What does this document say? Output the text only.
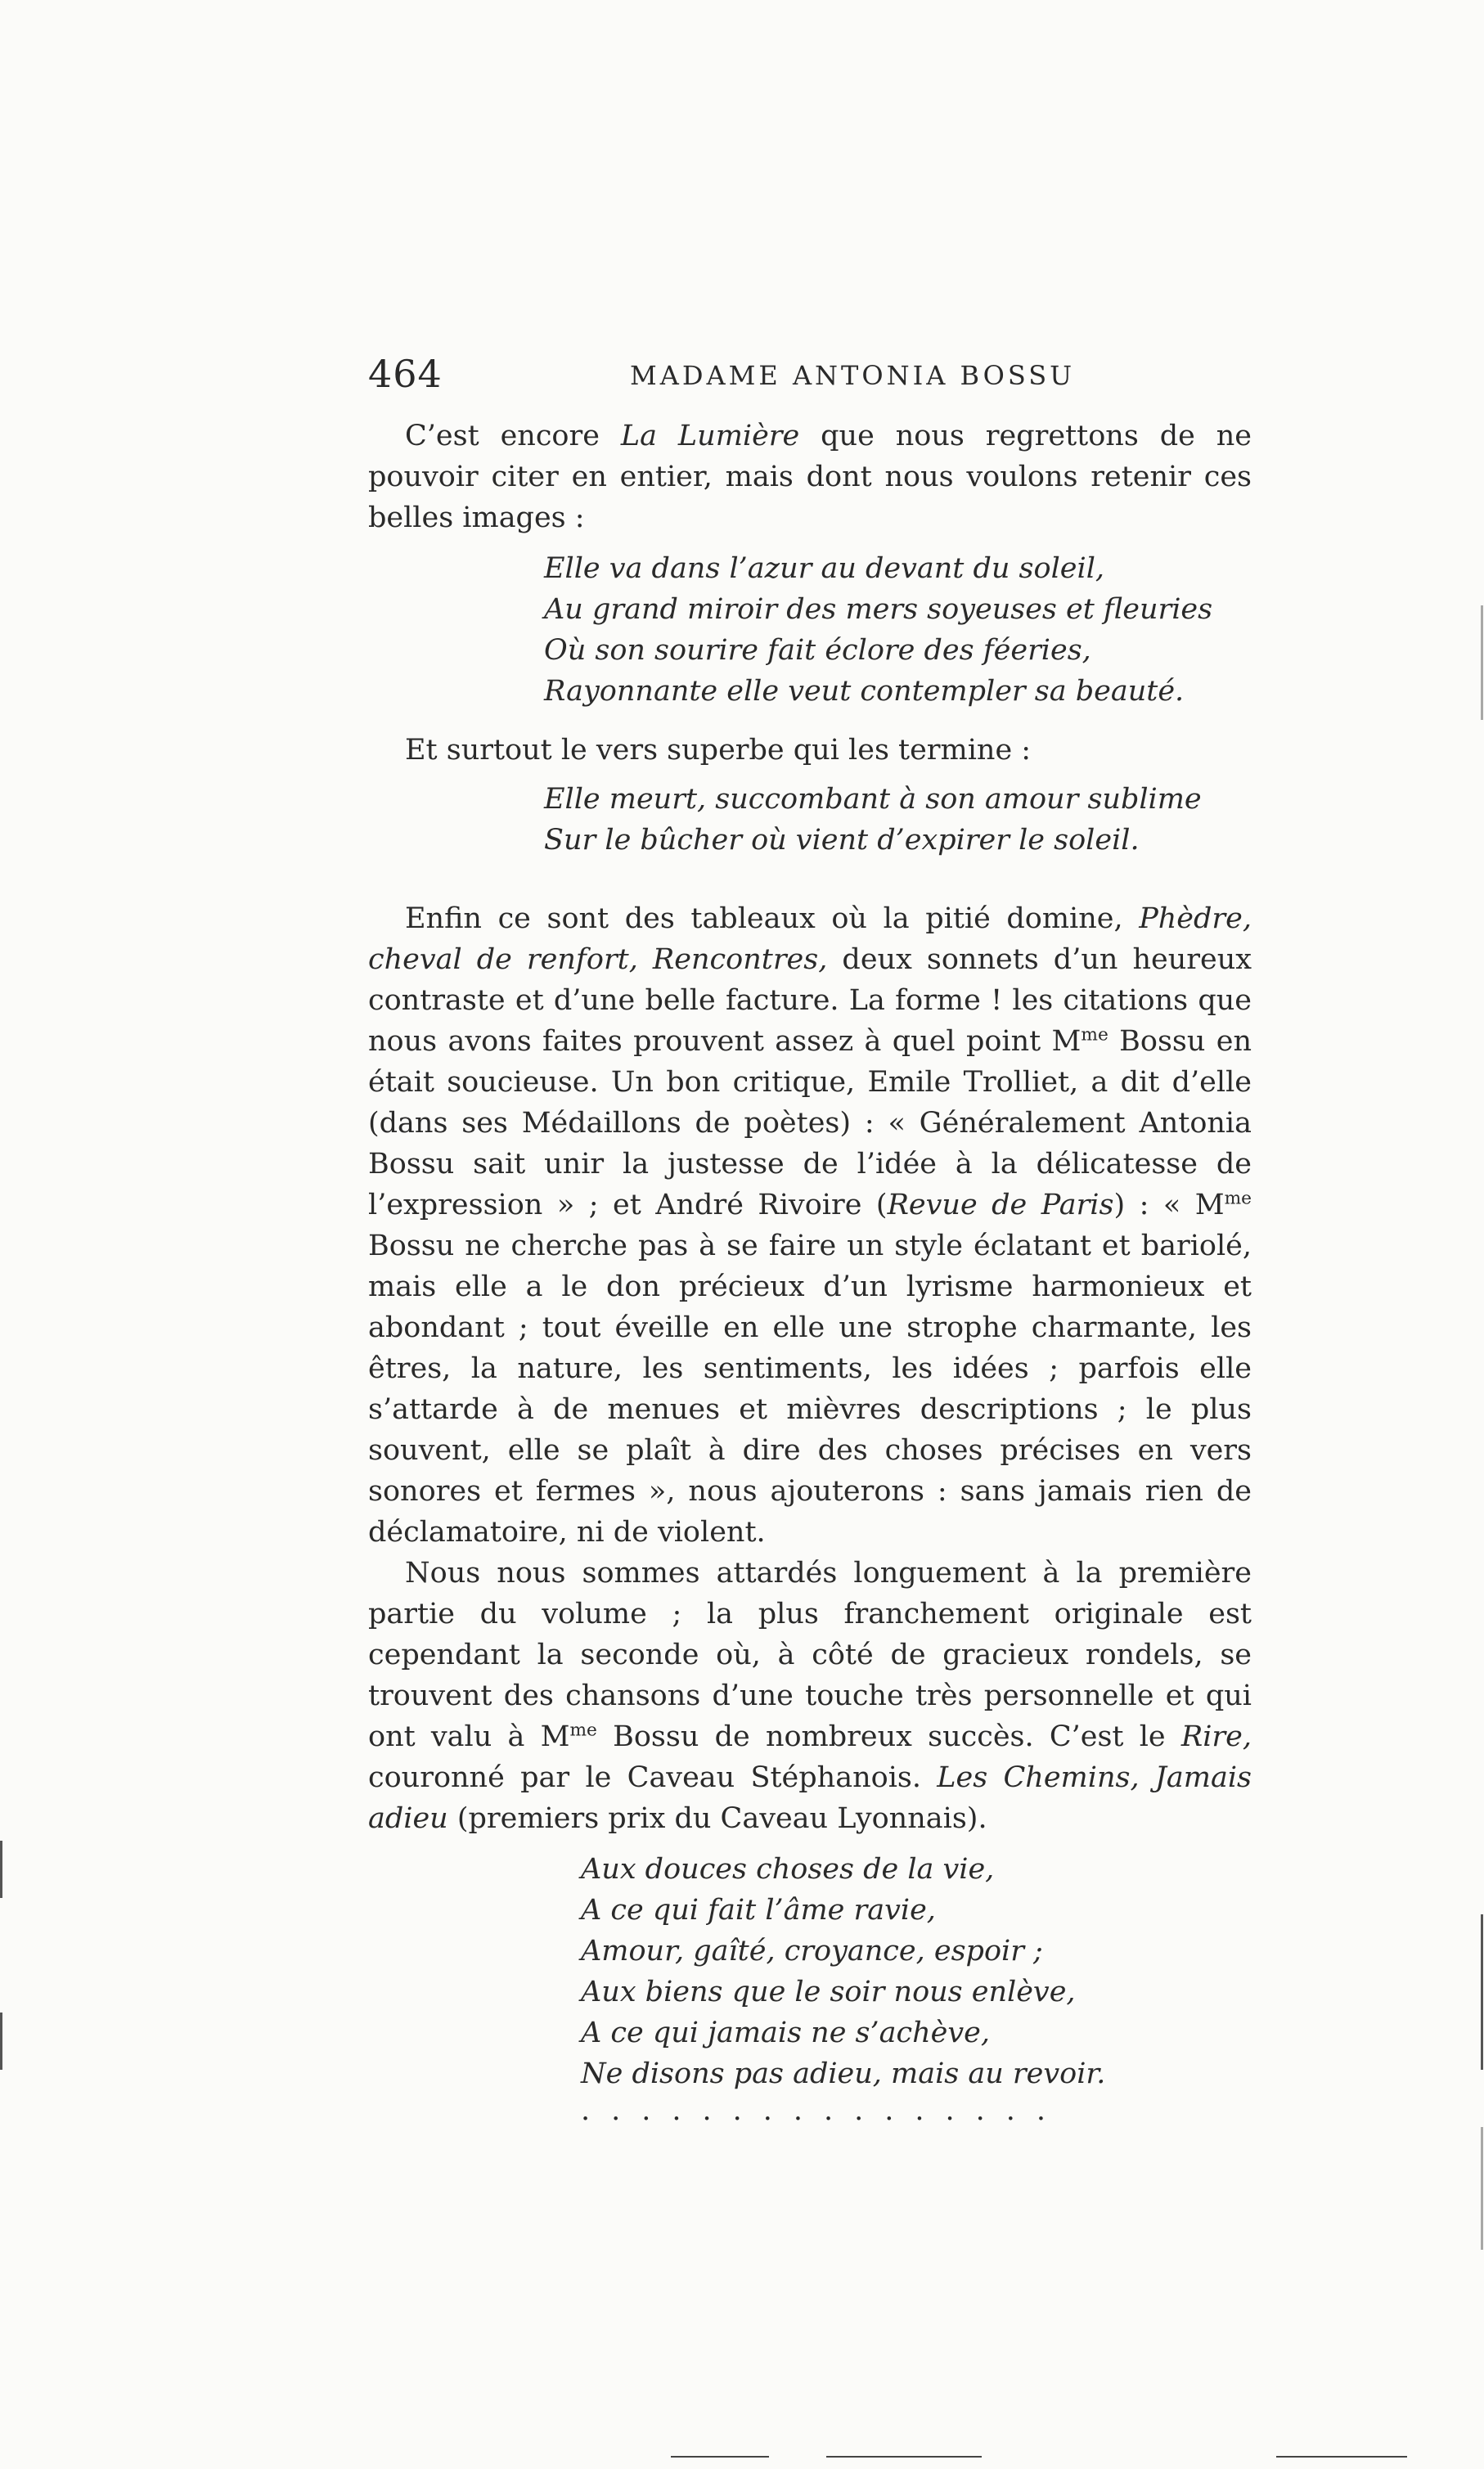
464	MADAME ANTONIA BOSSU

C’est encore La Lumière que nous regrettons de ne pouvoir citer en entier, mais dont nous voulons retenir ces belles images :

Elle va dans l’azur au devant du soleil,
Au grand miroir des mers soyeuses et fleuries
Où son sourire fait éclore des féeries,
Rayonnante elle veut contempler sa beauté.

Et surtout le vers superbe qui les termine :

Elle meurt, succombant à son amour sublime
Sur le bûcher où vient d’expirer le soleil.

Enfin ce sont des tableaux où la pitié domine, Phèdre, cheval de renfort, Rencontres, deux sonnets d’un heureux contraste et d’une belle facture. La forme ! les citations que nous avons faites prouvent assez à quel point $M^{me}$ Bossu en était soucieuse. Un bon critique, Emile Trolliet, a dit d’elle (dans ses Médaillons de poètes) : « Généralement Antonia Bossu sait unir la justesse de l’idée à la délicatesse de l’expression » ; et André Rivoire (Revue de Paris) : « $M^{me}$ Bossu ne cherche pas à se faire un style éclatant et bariolé, mais elle a le don précieux d’un lyrisme harmonieux et abondant ; tout éveille en elle une strophe charmante, les êtres, la nature, les sentiments, les idées ; parfois elle s’attarde à de menues et mièvres descriptions ; le plus souvent, elle se plaît à dire des choses précises en vers sonores et fermes », nous ajouterons : sans jamais rien de déclamatoire, ni de violent.

Nous nous sommes attardés longuement à la première partie du volume ; la plus franchement originale est cependant la seconde où, à côté de gracieux rondels, se trouvent des chansons d’une touche très personnelle et qui ont valu à $M^{me}$ Bossu de nombreux succès. C’est le Rire, couronné par le Caveau Stéphanois. Les Chemins, Jamais adieu (premiers prix du Caveau Lyonnais).

Aux douces choses de la vie,
A ce qui fait l’âme ravie,
Amour, gaîté, croyance, espoir ;
Aux biens que le soir nous enlève,
A ce qui jamais ne s’achève,
Ne disons pas adieu, mais au revoir.
................
